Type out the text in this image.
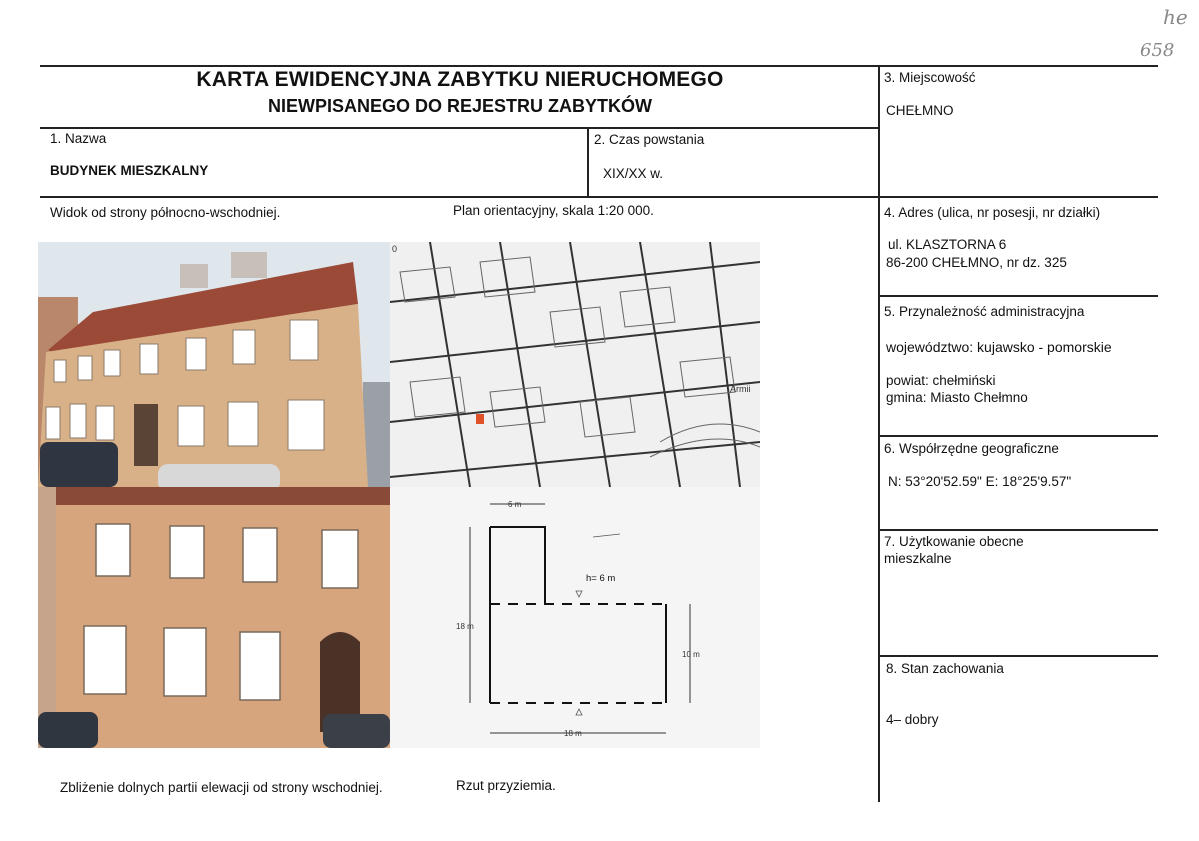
he
658
KARTA EWIDENCYJNA ZABYTKU NIERUCHOMEGO
NIEWPISANEGO DO REJESTRU ZABYTKÓW
1. Nazwa
BUDYNEK MIESZKALNY
2. Czas powstania
XIX/XX w.
3. Miejscowość
CHEŁMNO
4. Adres (ulica, nr posesji, nr działki)
ul. KLASZTORNA 6
86-200 CHEŁMNO, nr dz. 325
5. Przynależność administracyjna
województwo: kujawsko - pomorskie
powiat: chełmiński
gmina: Miasto Chełmno
6. Współrzędne geograficzne
N: 53°20'52.59" E: 18°25'9.57"
7. Użytkowanie obecne
mieszkalne
8. Stan zachowania
4– dobry
Widok od strony północno-wschodniej.	Plan orientacyjny, skala 1:20 000.
Zbliżenie dolnych partii elewacji od strony wschodniej.	Rzut przyziemia.
0
Armii
6 m
18 m
10 m
18 m
h= 6 m
